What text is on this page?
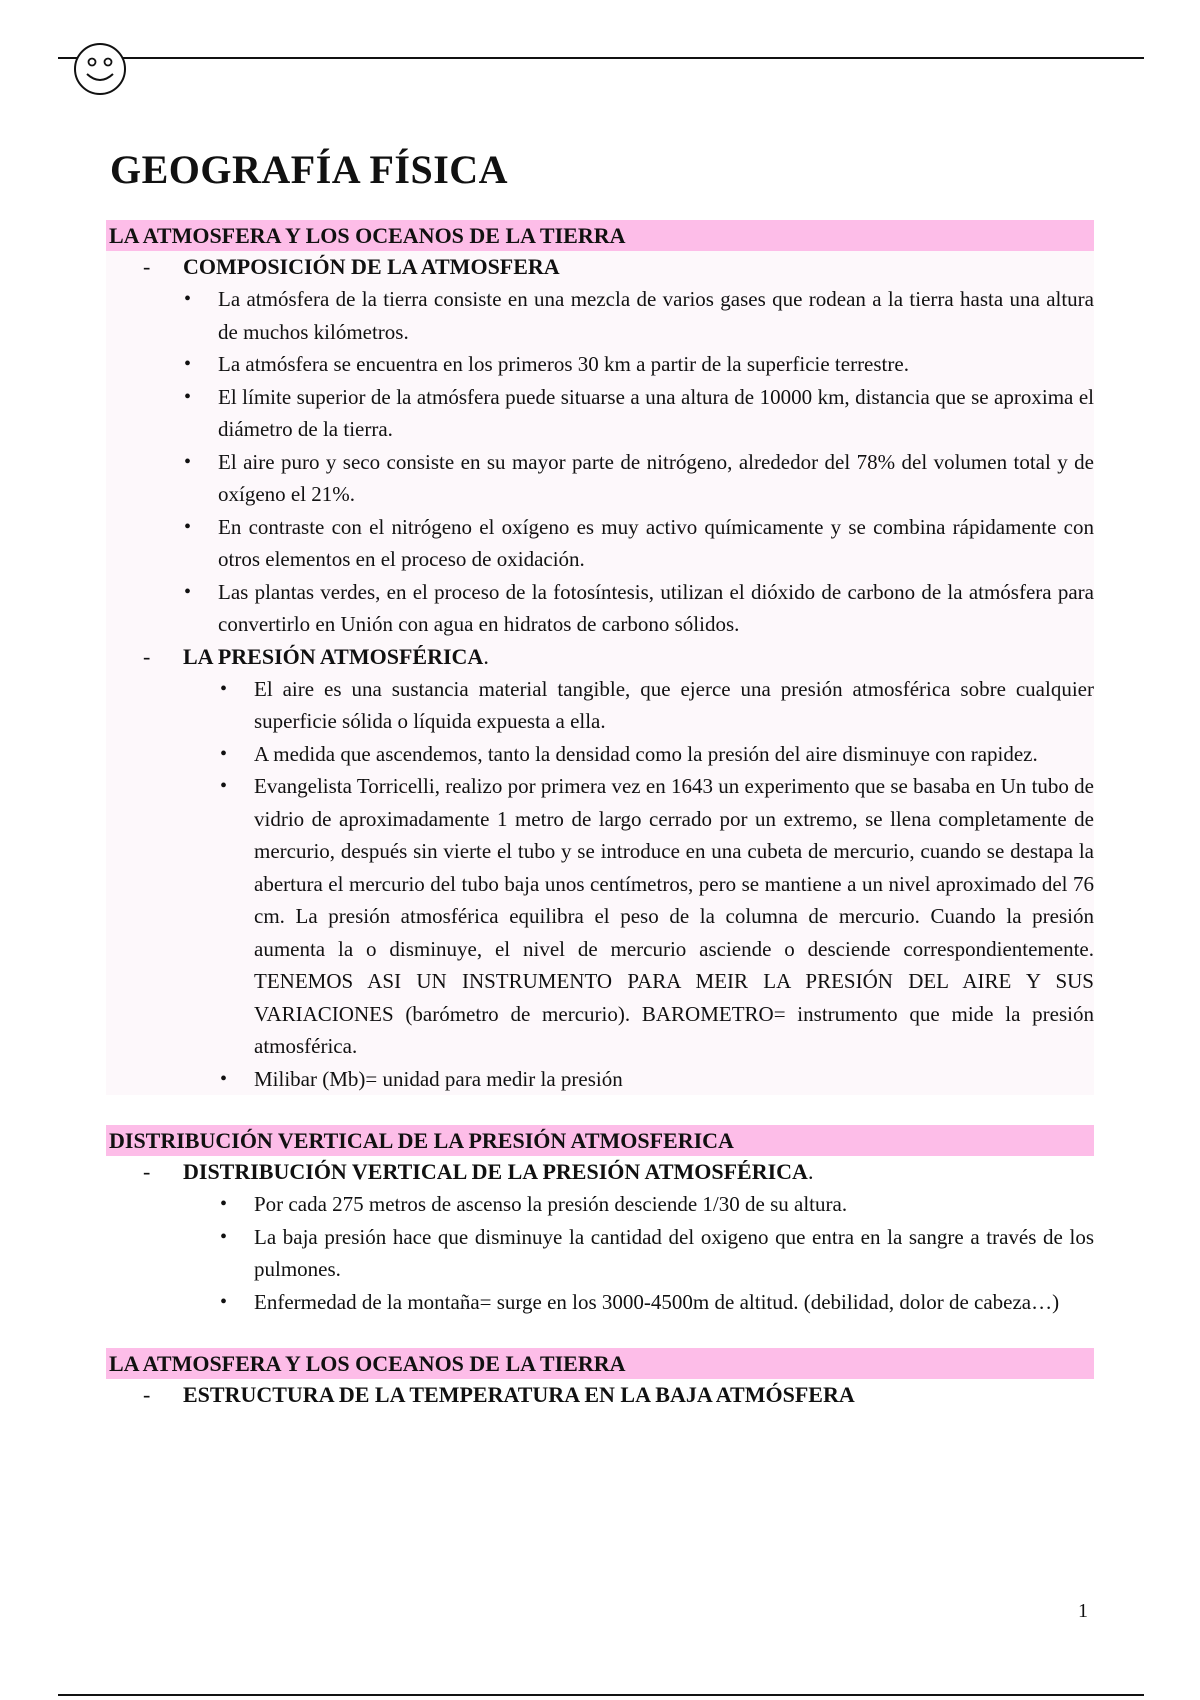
GEOGRAFÍA FÍSICA
LA ATMOSFERA Y LOS OCEANOS DE LA TIERRA
- COMPOSICIÓN DE LA ATMOSFERA
• La atmósfera de la tierra consiste en una mezcla de varios gases que rodean a la tierra hasta una altura de muchos kilómetros.
• La atmósfera se encuentra en los primeros 30 km a partir de la superficie terrestre.
• El límite superior de la atmósfera puede situarse a una altura de 10000 km, distancia que se aproxima el diámetro de la tierra.
• El aire puro y seco consiste en su mayor parte de nitrógeno, alrededor del 78% del volumen total y de oxígeno el 21%.
• En contraste con el nitrógeno el oxígeno es muy activo químicamente y se combina rápidamente con otros elementos en el proceso de oxidación.
• Las plantas verdes, en el proceso de la fotosíntesis, utilizan el dióxido de carbono de la atmósfera para convertirlo en Unión con agua en hidratos de carbono sólidos.
- LA PRESIÓN ATMOSFÉRICA.
• El aire es una sustancia material tangible, que ejerce una presión atmosférica sobre cualquier superficie sólida o líquida expuesta a ella.
• A medida que ascendemos, tanto la densidad como la presión del aire disminuye con rapidez.
• Evangelista Torricelli, realizo por primera vez en 1643 un experimento que se basaba en Un tubo de vidrio de aproximadamente 1 metro de largo cerrado por un extremo, se llena completamente de mercurio, después sin vierte el tubo y se introduce en una cubeta de mercurio, cuando se destapa la abertura el mercurio del tubo baja unos centímetros, pero se mantiene a un nivel aproximado del 76 cm. La presión atmosférica equilibra el peso de la columna de mercurio. Cuando la presión aumenta la o disminuye, el nivel de mercurio asciende o desciende correspondientemente. TENEMOS ASI UN INSTRUMENTO PARA MEIR LA PRESIÓN DEL AIRE Y SUS VARIACIONES (barómetro de mercurio). BAROMETRO= instrumento que mide la presión atmosférica.
• Milibar (Mb)= unidad para medir la presión
DISTRIBUCIÓN VERTICAL DE LA PRESIÓN ATMOSFERICA
- DISTRIBUCIÓN VERTICAL DE LA PRESIÓN ATMOSFÉRICA.
• Por cada 275 metros de ascenso la presión desciende 1/30 de su altura.
• La baja presión hace que disminuye la cantidad del oxigeno que entra en la sangre a través de los pulmones.
• Enfermedad de la montaña= surge en los 3000-4500m de altitud. (debilidad, dolor de cabeza…)
LA ATMOSFERA Y LOS OCEANOS DE LA TIERRA
- ESTRUCTURA DE LA TEMPERATURA EN LA BAJA ATMÓSFERA
1
